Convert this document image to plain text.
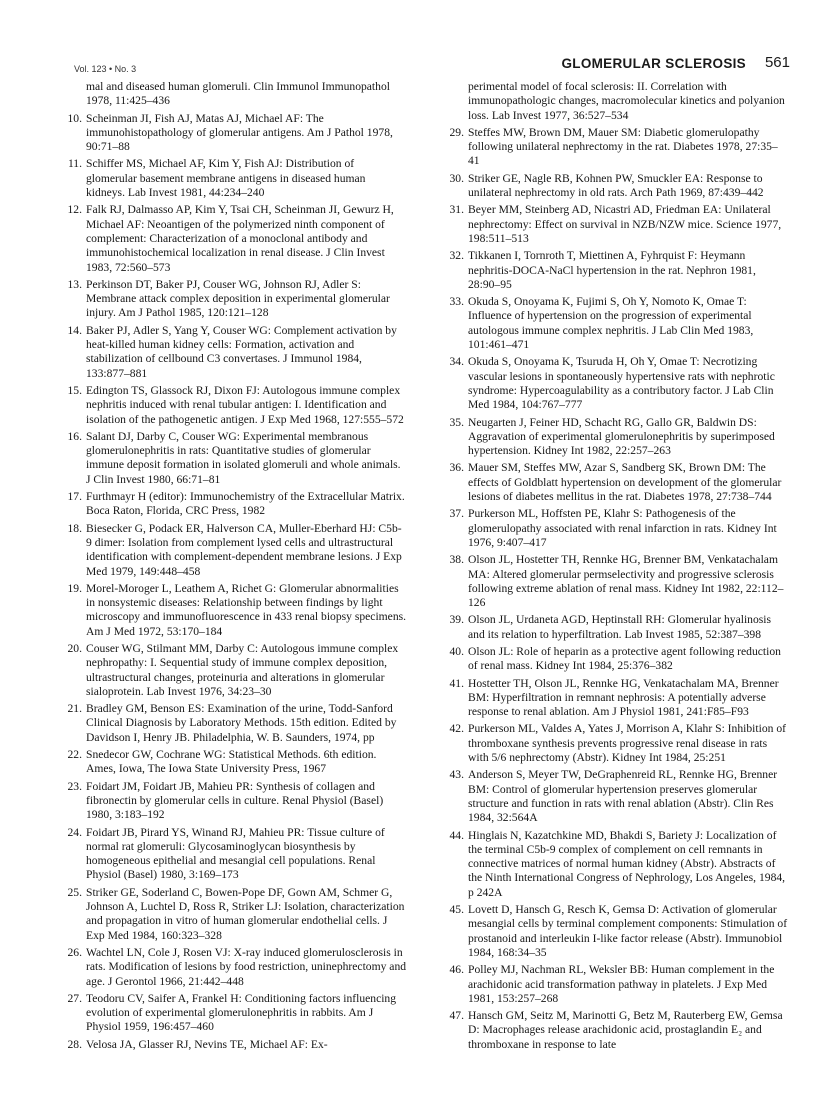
Vol. 123 • No. 3	GLOMERULAR SCLEROSIS 561
mal and diseased human glomeruli. Clin Immunol Immunopathol 1978, 11:425–436
10. Scheinman JI, Fish AJ, Matas AJ, Michael AF: The immunohistopathology of glomerular antigens. Am J Pathol 1978, 90:71–88
11. Schiffer MS, Michael AF, Kim Y, Fish AJ: Distribution of glomerular basement membrane antigens in diseased human kidneys. Lab Invest 1981, 44:234–240
12. Falk RJ, Dalmasso AP, Kim Y, Tsai CH, Scheinman JI, Gewurz H, Michael AF: Neoantigen of the polymerized ninth component of complement: Characterization of a monoclonal antibody and immunohistochemical localization in renal disease. J Clin Invest 1983, 72:560–573
13. Perkinson DT, Baker PJ, Couser WG, Johnson RJ, Adler S: Membrane attack complex deposition in experimental glomerular injury. Am J Pathol 1985, 120:121–128
14. Baker PJ, Adler S, Yang Y, Couser WG: Complement activation by heat-killed human kidney cells: Formation, activation and stabilization of cellbound C3 convertases. J Immunol 1984, 133:877–881
15. Edington TS, Glassock RJ, Dixon FJ: Autologous immune complex nephritis induced with renal tubular antigen: I. Identification and isolation of the pathogenetic antigen. J Exp Med 1968, 127:555–572
16. Salant DJ, Darby C, Couser WG: Experimental membranous glomerulonephritis in rats: Quantitative studies of glomerular immune deposit formation in isolated glomeruli and whole animals. J Clin Invest 1980, 66:71–81
17. Furthmayr H (editor): Immunochemistry of the Extracellular Matrix. Boca Raton, Florida, CRC Press, 1982
18. Biesecker G, Podack ER, Halverson CA, Muller-Eberhard HJ: C5b-9 dimer: Isolation from complement lysed cells and ultrastructural identification with complement-dependent membrane lesions. J Exp Med 1979, 149:448–458
19. Morel-Moroger L, Leathem A, Richet G: Glomerular abnormalities in nonsystemic diseases: Relationship between findings by light microscopy and immunofluorescence in 433 renal biopsy specimens. Am J Med 1972, 53:170–184
20. Couser WG, Stilmant MM, Darby C: Autologous immune complex nephropathy: I. Sequential study of immune complex deposition, ultrastructural changes, proteinuria and alterations in glomerular sialoprotein. Lab Invest 1976, 34:23–30
21. Bradley GM, Benson ES: Examination of the urine, Todd-Sanford Clinical Diagnosis by Laboratory Methods. 15th edition. Edited by Davidson I, Henry JB. Philadelphia, W. B. Saunders, 1974, pp
22. Snedecor GW, Cochrane WG: Statistical Methods. 6th edition. Ames, Iowa, The Iowa State University Press, 1967
23. Foidart JM, Foidart JB, Mahieu PR: Synthesis of collagen and fibronectin by glomerular cells in culture. Renal Physiol (Basel) 1980, 3:183–192
24. Foidart JB, Pirard YS, Winand RJ, Mahieu PR: Tissue culture of normal rat glomeruli: Glycosaminoglycan biosynthesis by homogeneous epithelial and mesangial cell populations. Renal Physiol (Basel) 1980, 3:169–173
25. Striker GE, Soderland C, Bowen-Pope DF, Gown AM, Schmer G, Johnson A, Luchtel D, Ross R, Striker LJ: Isolation, characterization and propagation in vitro of human glomerular endothelial cells. J Exp Med 1984, 160:323–328
26. Wachtel LN, Cole J, Rosen VJ: X-ray induced glomerulosclerosis in rats. Modification of lesions by food restriction, uninephrectomy and age. J Gerontol 1966, 21:442–448
27. Teodoru CV, Saifer A, Frankel H: Conditioning factors influencing evolution of experimental glomerulonephritis in rabbits. Am J Physiol 1959, 196:457–460
28. Velosa JA, Glasser RJ, Nevins TE, Michael AF: Ex-
perimental model of focal sclerosis: II. Correlation with immunopathologic changes, macromolecular kinetics and polyanion loss. Lab Invest 1977, 36:527–534
29. Steffes MW, Brown DM, Mauer SM: Diabetic glomerulopathy following unilateral nephrectomy in the rat. Diabetes 1978, 27:35–41
30. Striker GE, Nagle RB, Kohnen PW, Smuckler EA: Response to unilateral nephrectomy in old rats. Arch Path 1969, 87:439–442
31. Beyer MM, Steinberg AD, Nicastri AD, Friedman EA: Unilateral nephrectomy: Effect on survival in NZB/NZW mice. Science 1977, 198:511–513
32. Tikkanen I, Tornroth T, Miettinen A, Fyhrquist F: Heymann nephritis-DOCA-NaCl hypertension in the rat. Nephron 1981, 28:90–95
33. Okuda S, Onoyama K, Fujimi S, Oh Y, Nomoto K, Omae T: Influence of hypertension on the progression of experimental autologous immune complex nephritis. J Lab Clin Med 1983, 101:461–471
34. Okuda S, Onoyama K, Tsuruda H, Oh Y, Omae T: Necrotizing vascular lesions in spontaneously hypertensive rats with nephrotic syndrome: Hypercoagulability as a contributory factor. J Lab Clin Med 1984, 104:767–777
35. Neugarten J, Feiner HD, Schacht RG, Gallo GR, Baldwin DS: Aggravation of experimental glomerulonephritis by superimposed hypertension. Kidney Int 1982, 22:257–263
36. Mauer SM, Steffes MW, Azar S, Sandberg SK, Brown DM: The effects of Goldblatt hypertension on development of the glomerular lesions of diabetes mellitus in the rat. Diabetes 1978, 27:738–744
37. Purkerson ML, Hoffsten PE, Klahr S: Pathogenesis of the glomerulopathy associated with renal infarction in rats. Kidney Int 1976, 9:407–417
38. Olson JL, Hostetter TH, Rennke HG, Brenner BM, Venkatachalam MA: Altered glomerular permselectivity and progressive sclerosis following extreme ablation of renal mass. Kidney Int 1982, 22:112–126
39. Olson JL, Urdaneta AGD, Heptinstall RH: Glomerular hyalinosis and its relation to hyperfiltration. Lab Invest 1985, 52:387–398
40. Olson JL: Role of heparin as a protective agent following reduction of renal mass. Kidney Int 1984, 25:376–382
41. Hostetter TH, Olson JL, Rennke HG, Venkatachalam MA, Brenner BM: Hyperfiltration in remnant nephrosis: A potentially adverse response to renal ablation. Am J Physiol 1981, 241:F85–F93
42. Purkerson ML, Valdes A, Yates J, Morrison A, Klahr S: Inhibition of thromboxane synthesis prevents progressive renal disease in rats with 5/6 nephrectomy (Abstr). Kidney Int 1984, 25:251
43. Anderson S, Meyer TW, DeGraphenreid RL, Rennke HG, Brenner BM: Control of glomerular hypertension preserves glomerular structure and function in rats with renal ablation (Abstr). Clin Res 1984, 32:564A
44. Hinglais N, Kazatchkine MD, Bhakdi S, Bariety J: Localization of the terminal C5b-9 complex of complement on cell remnants in connective matrices of normal human kidney (Abstr). Abstracts of the Ninth International Congress of Nephrology, Los Angeles, 1984, p 242A
45. Lovett D, Hansch G, Resch K, Gemsa D: Activation of glomerular mesangial cells by terminal complement components: Stimulation of prostanoid and interleukin I-like factor release (Abstr). Immunobiol 1984, 168:34–35
46. Polley MJ, Nachman RL, Weksler BB: Human complement in the arachidonic acid transformation pathway in platelets. J Exp Med 1981, 153:257–268
47. Hansch GM, Seitz M, Marinotti G, Betz M, Rauterberg EW, Gemsa D: Macrophages release arachidonic acid, prostaglandin E₂ and thromboxane in response to late
